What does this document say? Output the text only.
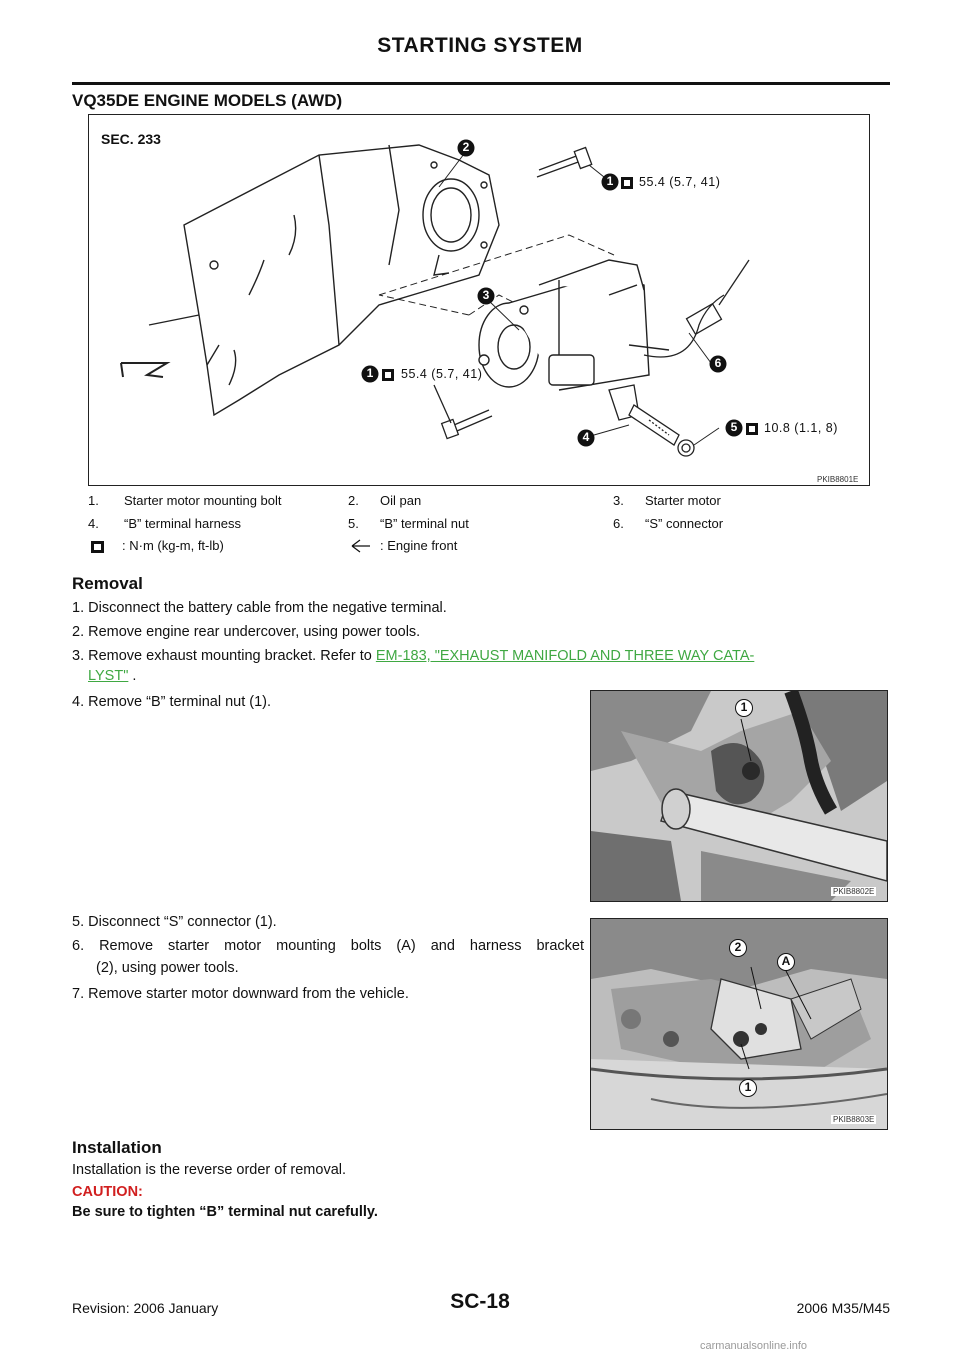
STARTING SYSTEM
VQ35DE ENGINE MODELS (AWD)
SEC. 233	2
1	55.4 (5.7, 41)
3
6
1	55.4 (5.7, 41)
5	10.8 (1.1, 8)
4
PKIB8801E
1. Starter motor mounting bolt	2. Oil pan	3. Starter motor
4. “B” terminal harness	5. “B” terminal nut	6. “S” connector
: N·m (kg-m, ft-lb)	: Engine front
Removal
1. Disconnect the battery cable from the negative terminal.
2. Remove engine rear undercover, using power tools.
3. Remove exhaust mounting bracket. Refer to EM-183, "EXHAUST MANIFOLD AND THREE WAY CATA-
LYST" .
4. Remove “B” terminal nut (1).	1
PKIB8802E
5. Disconnect “S” connector (1).
6. Remove starter motor mounting bolts (A) and harness bracket
(2), using power tools.
7. Remove starter motor downward from the vehicle.
2
A
1
PKIB8803E
Installation
Installation is the reverse order of removal.
CAUTION:
Be sure to tighten “B” terminal nut carefully.
Revision: 2006 January	SC-18	2006 M35/M45
carmanualsonline.info
